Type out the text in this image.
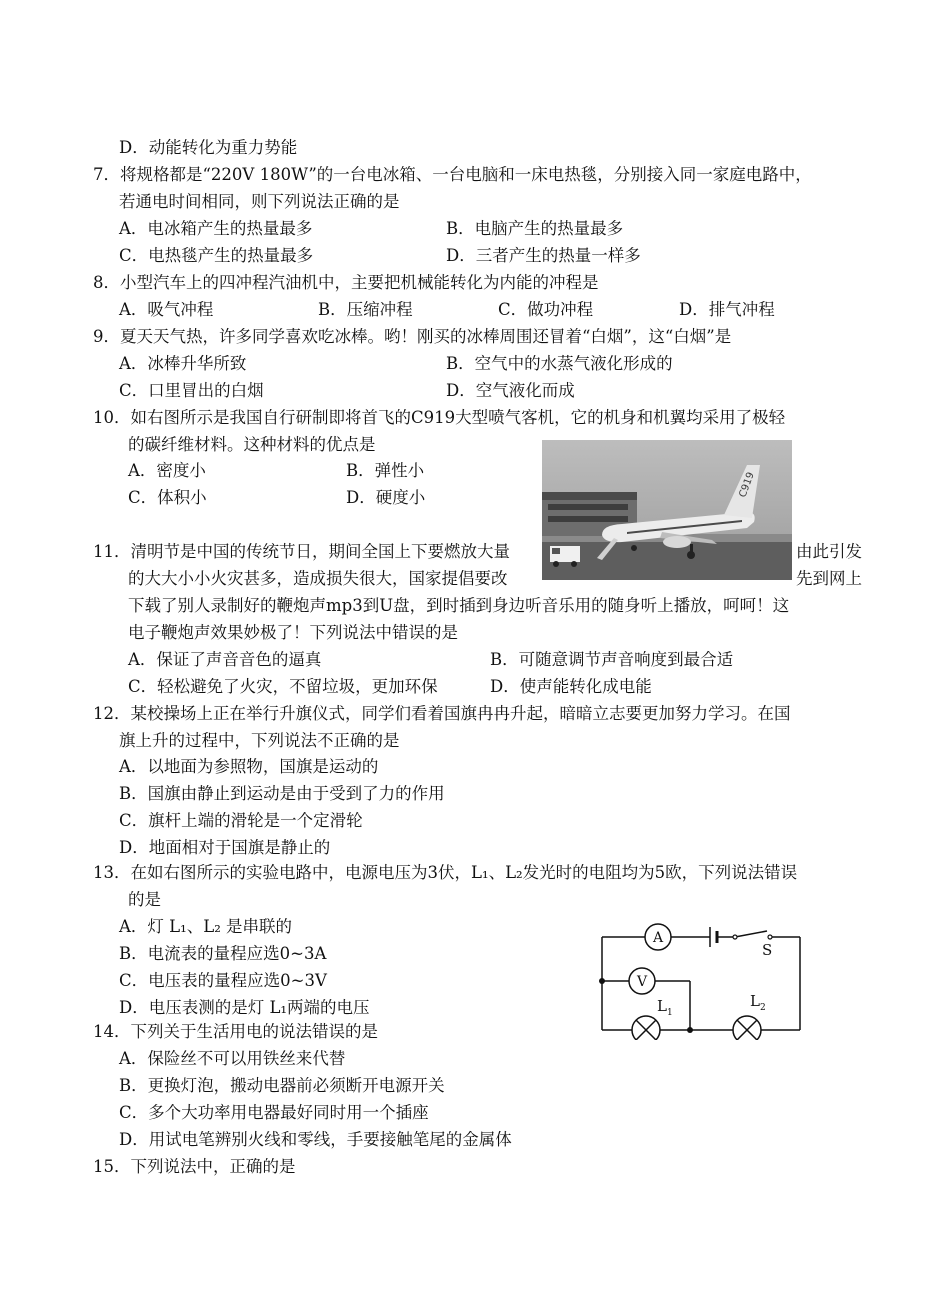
D．动能转化为重力势能
7．将规格都是“220V 180W”的一台电冰箱、一台电脑和一床电热毯，分别接入同一家庭电路中，
若通电时间相同，则下列说法正确的是
A．电冰箱产生的热量最多	B．电脑产生的热量最多
C．电热毯产生的热量最多	D．三者产生的热量一样多
8．小型汽车上的四冲程汽油机中，主要把机械能转化为内能的冲程是
A．吸气冲程	B．压缩冲程	C．做功冲程	D．排气冲程
9．夏天天气热，许多同学喜欢吃冰棒。哟！刚买的冰棒周围还冒着“白烟”，这“白烟”是
A．冰棒升华所致	B．空气中的水蒸气液化形成的
C．口里冒出的白烟	D．空气液化而成
10．如右图所示是我国自行研制即将首飞的C919大型喷气客机，它的机身和机翼均采用了极轻
的碳纤维材料。这种材料的优点是
A．密度小	B．弹性小
C．体积小	D．硬度小	C919
11．清明节是中国的传统节日，期间全国上下要燃放大量	由此引发
的大大小小火灾甚多，造成损失很大，国家提倡要改	先到网上
下载了别人录制好的鞭炮声mp3到U盘，到时插到身边听音乐用的随身听上播放，呵呵！这
电子鞭炮声效果妙极了！下列说法中错误的是
A．保证了声音音色的逼真	B．可随意调节声音响度到最合适
C．轻松避免了火灾，不留垃圾，更加环保	D．使声能转化成电能
12．某校操场上正在举行升旗仪式，同学们看着国旗冉冉升起，暗暗立志要更加努力学习。在国
旗上升的过程中，下列说法不正确的是
A．以地面为参照物，国旗是运动的
B．国旗由静止到运动是由于受到了力的作用
C．旗杆上端的滑轮是一个定滑轮
D．地面相对于国旗是静止的
13．在如右图所示的实验电路中，电源电压为3伏，L₁、L₂发光时的电阻均为5欧，下列说法错误
的是
A．灯 L₁、L₂ 是串联的
B．电流表的量程应选0~3A
C．电压表的量程应选0~3V
D．电压表测的是灯 L₁两端的电压
A
V
S
L 1
L 2
14．下列关于生活用电的说法错误的是
A．保险丝不可以用铁丝来代替
B．更换灯泡，搬动电器前必须断开电源开关
C．多个大功率用电器最好同时用一个插座
D．用试电笔辨别火线和零线，手要接触笔尾的金属体
15．下列说法中，正确的是
